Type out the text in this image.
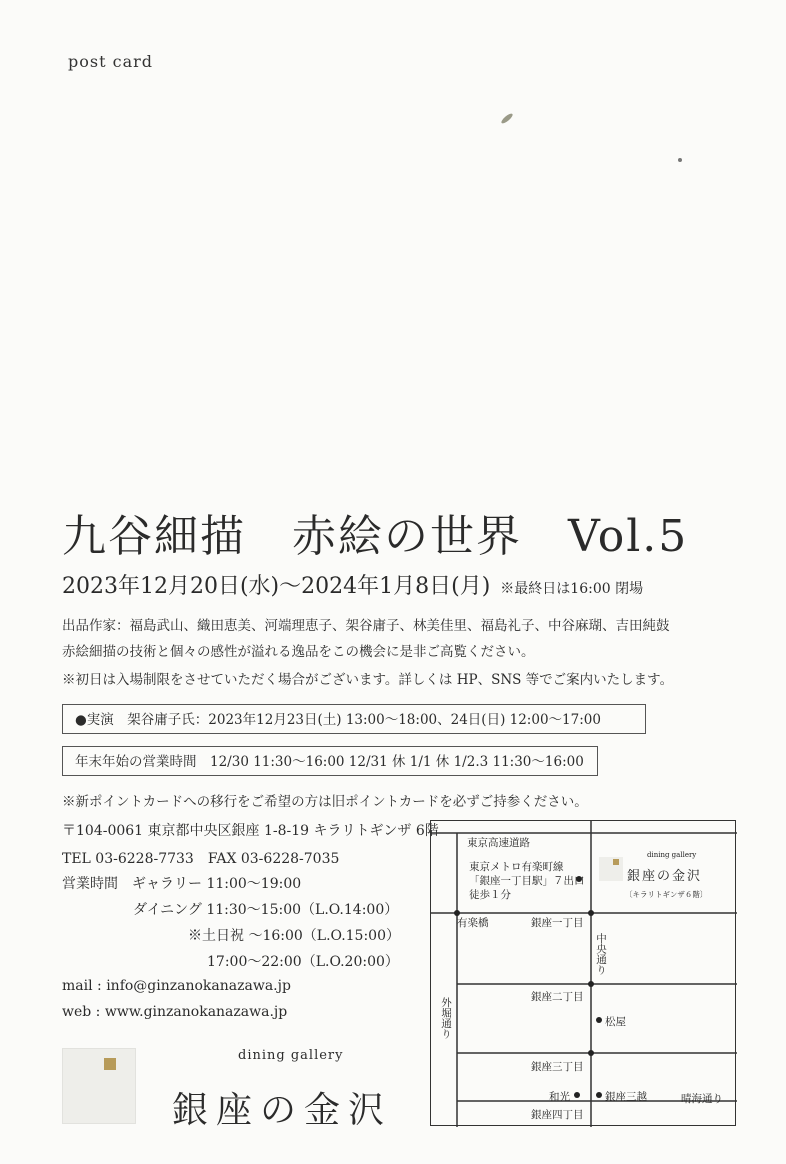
post card
九谷細描　赤絵の世界　Vol.5
2023年12月20日(水)～2024年1月8日(月) ※最終日は16:00 閉場
出品作家：福島武山、織田恵美、河端理恵子、架谷庸子、林美佳里、福島礼子、中谷麻瑚、吉田純鼓
赤絵細描の技術と個々の感性が溢れる逸品をこの機会に是非ご高覧ください。
※初日は入場制限をさせていただく場合がございます。詳しくは HP、SNS 等でご案内いたします。
●実演　架谷庸子氏：2023年12月23日(土) 13:00～18:00、24日(日) 12:00～17:00
年末年始の営業時間　12/30 11:30～16:00 12/31 休 1/1 休 1/2.3 11:30～16:00
※新ポイントカードへの移行をご希望の方は旧ポイントカードを必ずご持参ください。
〒104-0061 東京都中央区銀座 1-8-19 キラリトギンザ 6階
TEL 03-6228-7733　FAX 03-6228-7035
営業時間　ギャラリー 11:00～19:00
ダイニング 11:30～15:00（L.O.14:00）
※土日祝 ～16:00（L.O.15:00）
17:00～22:00（L.O.20:00）
mail : info@ginzanokanazawa.jp
web : www.ginzanokanazawa.jp
dining gallery
銀座の金沢
東京高速道路
東京メトロ有楽町線
「銀座一丁目駅」７出口
徒歩１分
dining gallery
銀座の金沢
〔キラリトギンザ６階〕
有楽橋	銀座一丁目
中央通り
銀座二丁目
松屋
外堀通り
銀座三丁目
和光	銀座三越	晴海通り
銀座四丁目
